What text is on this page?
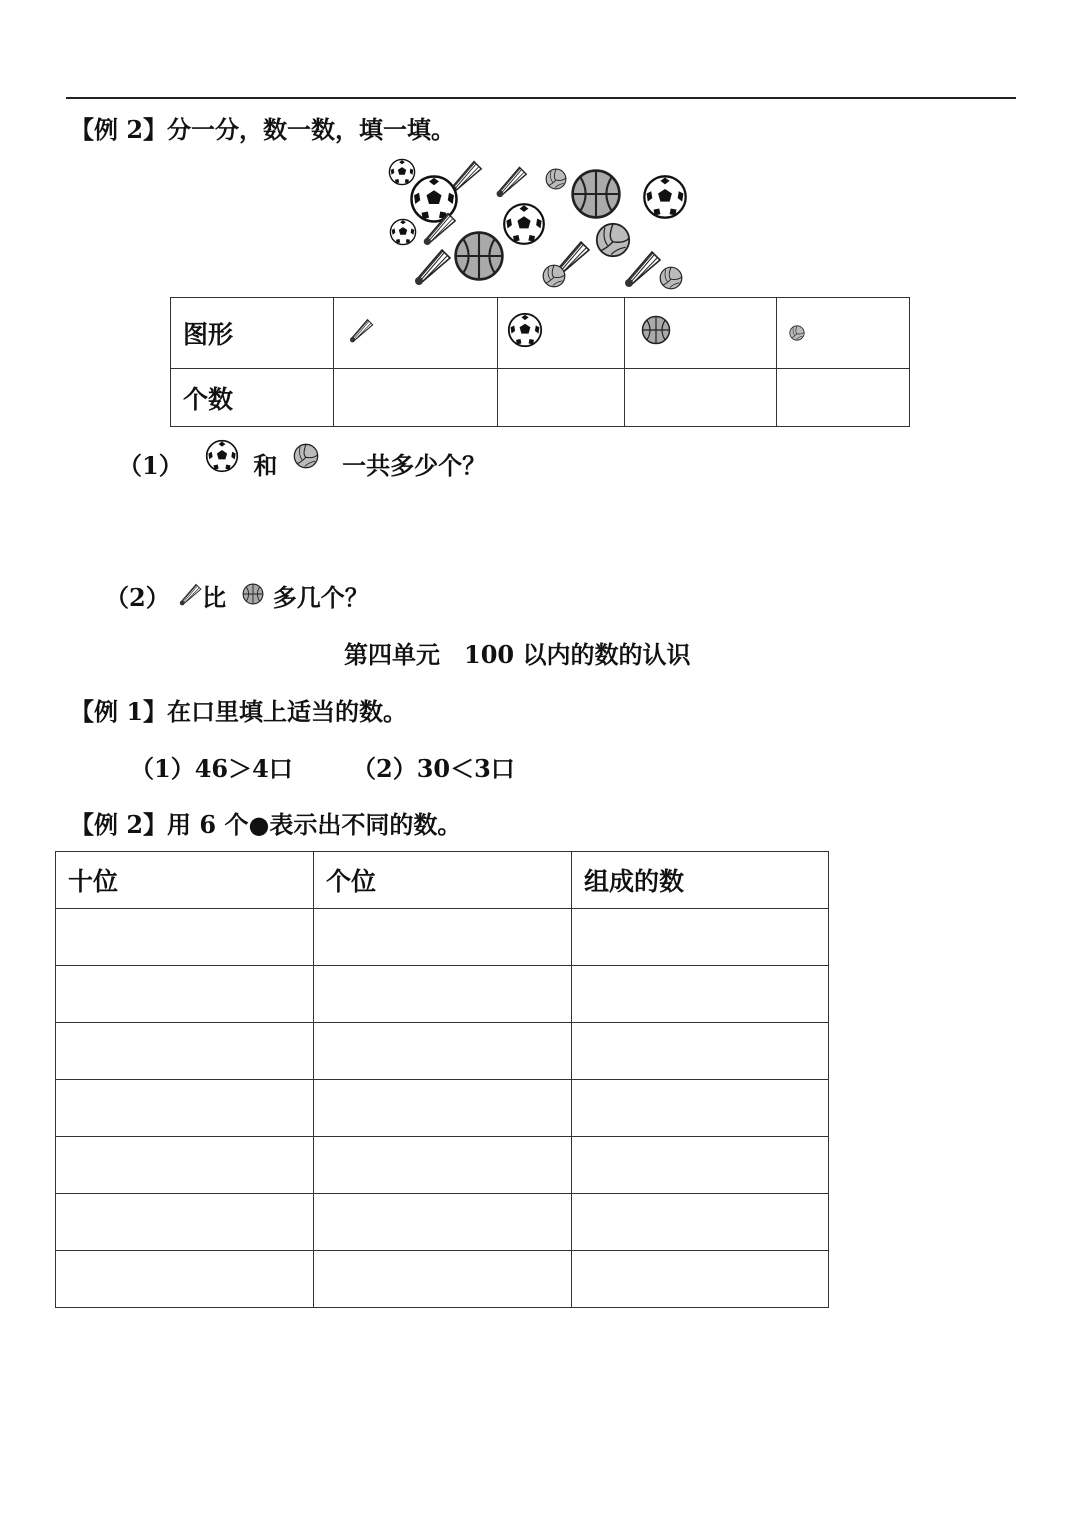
【例 2】分一分，数一数，填一填。
图形				
个数				
（1）	和	一共多少个？
（2） 比 多几个？
第四单元　100 以内的数的认识
【例 1】在口里填上适当的数。
（1）46＞4口 （2）30＜3口
【例 2】用 6 个●表示出不同的数。
十位	个位	组成的数
